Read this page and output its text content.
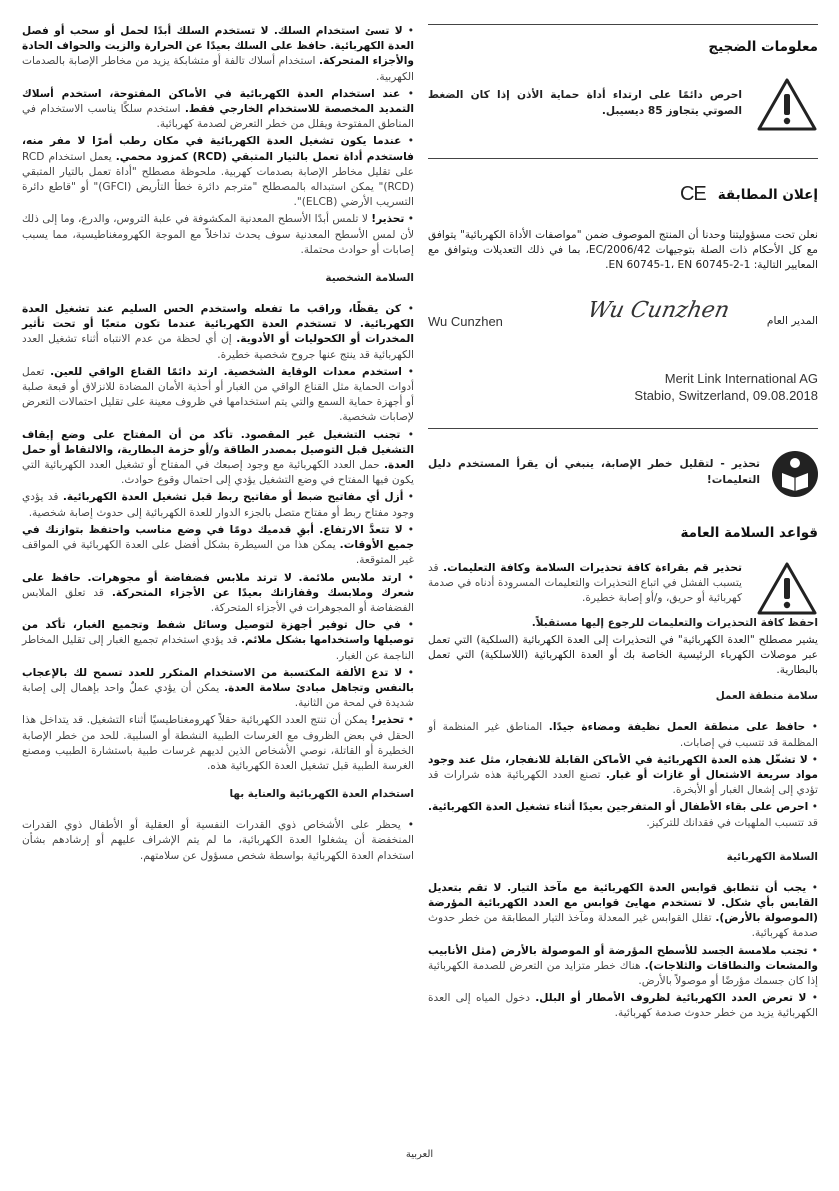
معلومات الضجيج
احرص دائمًا على ارتداء أداة حماية الأذن إذا كان الضغط الصوتي يتجاوز 85 ديسيبل.
إعلان المطابقة
CE
نعلن تحت مسؤوليتنا وحدنا أن المنتج الموصوف ضمن "مواصفات الأداة الكهربائية" يتوافق مع كل الأحكام ذات الصلة بتوجيهات 2006/42/EC، بما في ذلك التعديلات ويتوافق مع المعايير التالية: EN 60745-1، EN 60745-2-1.
المدير العام
Wu Cunzhen
Wu Cunzhen
Merit Link International AG
Stabio, Switzerland, 09.08.2018
تحذير - لتقليل خطر الإصابة، ينبغي أن يقرأ المستخدم دليل التعليمات!
قواعد السلامة العامة
تحذير قم بقراءة كافة تحذيرات السلامة وكافة التعليمات. قد يتسبب الفشل في اتباع التحذيرات والتعليمات المسرودة أدناه في صدمة كهربائية أو حريق، و/أو إصابة خطيرة.
احفظ كافة التحذيرات والتعليمات للرجوع إليها مستقبلاً.
يشير مصطلح "العدة الكهربائية" في التحذيرات إلى العدة الكهربائية (السلكية) التي تعمل عبر موصلات الكهرباء الرئيسية الخاصة بك أو العدة الكهربائية (اللاسلكية) التي تعمل بالبطارية.
سلامة منطقة العمل
• حافظ على منطقة العمل نظيفة ومضاءة جيدًا. المناطق غير المنظمة أو المظلمة قد تتسبب في إصابات.
• لا تشغّل هذه العدة الكهربائية في الأماكن القابلة للانفجار، مثل عند وجود مواد سريعة الاشتعال أو غازات أو غبار. تصنع العدد الكهربائية هذه شرارات قد تؤدي إلى إشعال الغبار أو الأبخرة.
• احرص على بقاء الأطفال أو المتفرجين بعيدًا أثناء تشغيل العدة الكهربائية. قد تتسبب الملهيات في فقدانك للتركيز.
السلامة الكهربائية
• يجب أن تتطابق قوابس العدة الكهربائية مع مآخذ التيار. لا تقم بتعديل القابس بأي شكل. لا تستخدم مهايئ قوابس مع العدد الكهربائية المؤرضة (الموصولة بالأرض). تقلل القوابس غير المعدلة ومآخذ التيار المطابقة من خطر حدوث صدمة كهربائية.
• تجنب ملامسة الجسد للأسطح المؤرضة أو الموصولة بالأرض (مثل الأنابيب والمشعات والنطاقات والثلاجات). هناك خطر متزايد من التعرض للصدمة الكهربائية إذا كان جسمك مؤرضًا أو موصولاً بالأرض.
• لا تعرض العدد الكهربائية لظروف الأمطار أو البلل. دخول المياه إلى العدة الكهربائية يزيد من خطر حدوث صدمة كهربائية.
• لا تسئ استخدام السلك. لا تستخدم السلك أبدًا لحمل أو سحب أو فصل العدة الكهربائية. حافظ على السلك بعيدًا عن الحرارة والزيت والحواف الحادة والأجزاء المتحركة. استخدام أسلاك تالفة أو متشابكة يزيد من مخاطر الإصابة بالصدمات الكهربية.
• عند استخدام العدة الكهربائية في الأماكن المفتوحة، استخدم أسلاك التمديد المخصصة للاستخدام الخارجي فقط. استخدم سلكًا يناسب الاستخدام في المناطق المفتوحة ويقلل من خطر التعرض لصدمة كهربائية.
• عندما يكون تشغيل العدة الكهربائية في مكان رطب أمرًا لا مفر منه، فاستخدم أداة تعمل بالتيار المتبقي (RCD) كمزود محمي. يعمل استخدام RCD على تقليل مخاطر الإصابة بصدمات كهربية. ملحوظة مصطلح "أداة تعمل بالتيار المتبقي (RCD)" يمكن استبداله بالمصطلح "مترجم دائرة خطأ التأريض (GFCI)" أو "قاطع دائرة التسريب الأرضي (ELCB)".
• تحذير! لا تلمس أبدًا الأسطح المعدنية المكشوفة في علبة التروس، والدرع، وما إلى ذلك لأن لمس الأسطح المعدنية سوف يحدث تداخلاً مع الموجة الكهرومغناطيسية، مما يسبب إصابات أو حوادث محتملة.
السلامة الشخصية
• كن يقظًا، وراقب ما تفعله واستخدم الحس السليم عند تشغيل العدة الكهربائية. لا تستخدم العدة الكهربائية عندما تكون متعبًا أو تحت تأثير المخدرات أو الكحوليات أو الأدوية. إن أي لحظة من عدم الانتباه أثناء تشغيل العدد الكهربائية قد ينتج عنها جروح شخصية خطيرة.
• استخدم معدات الوقاية الشخصية. ارتد دائمًا القناع الواقي للعين. تعمل أدوات الحماية مثل القناع الواقي من الغبار أو أحذية الأمان المضادة للانزلاق أو قبعة صلبة أو أجهزة حماية السمع والتي يتم استخدامها في ظروف معينة على تقليل احتمالات التعرض لإصابات شخصية.
• تجنب التشغيل غير المقصود. تأكد من أن المفتاح على وضع إيقاف التشغيل قبل التوصيل بمصدر الطاقة و/أو حزمة البطارية، والالتقاط أو حمل العدة. حمل العدد الكهربائية مع وجود إصبعك في المفتاح أو تشغيل العدد الكهربائية التي يكون فيها المفتاح في وضع التشغيل يؤدي إلى احتمال وقوع حوادث.
• أزل أي مفاتيح ضبط أو مفاتيح ربط قبل تشغيل العدة الكهربائية. قد يؤدي وجود مفتاح ربط أو مفتاح متصل بالجزء الدوار للعدة الكهربائية إلى حدوث إصابة شخصية.
• لا تتعدَّ الارتفاع. أبقِ قدميك دومًا في وضع مناسب واحتفظ بتوازنك في جميع الأوقات. يمكن هذا من السيطرة بشكل أفضل على العدة الكهربائية في المواقف غير المتوقعة.
• ارتد ملابس ملائمة. لا ترتد ملابس فضفاضة أو مجوهرات. حافظ على شعرك وملابسك وقفازاتك بعيدًا عن الأجزاء المتحركة. قد تعلق الملابس الفضفاضة أو المجوهرات في الأجزاء المتحركة.
• في حال توفير أجهزة لتوصيل وسائل شفط وتجميع الغبار، تأكد من توصيلها واستخدامها بشكل ملائم. قد يؤدي استخدام تجميع الغبار إلى تقليل المخاطر الناجمة عن الغبار.
• لا تدع الألفة المكتسبة من الاستخدام المتكرر للعدد تسمح لك بالإعجاب بالنفس وتجاهل مبادئ سلامة العدة. يمكن أن يؤدي عملٌ واحد بإهمال إلى إصابة شديدة في لمحة من الثانية.
• تحذير! يمكن أن تنتج العدد الكهربائية حقلاً كهرومغناطيسيًا أثناء التشغيل. قد يتداخل هذا الحقل في بعض الظروف مع الغرسات الطبية النشطة أو السلبية. للحد من خطر الإصابة الخطيرة أو القاتلة، نوصي الأشخاص الذين لديهم غرسات طبية باستشارة الطبيب ومصنع الغرسة الطبية قبل تشغيل العدة الكهربائية هذه.
استخدام العدة الكهربائية والعناية بها
• يحظر على الأشخاص ذوي القدرات النفسية أو العقلية أو الأطفال ذوي القدرات المنخفضة أن يشغلوا العدة الكهربائية، ما لم يتم الإشراف عليهم أو إرشادهم بشأن استخدام العدة الكهربائية بواسطة شخص مسؤول عن سلامتهم.
العربية
